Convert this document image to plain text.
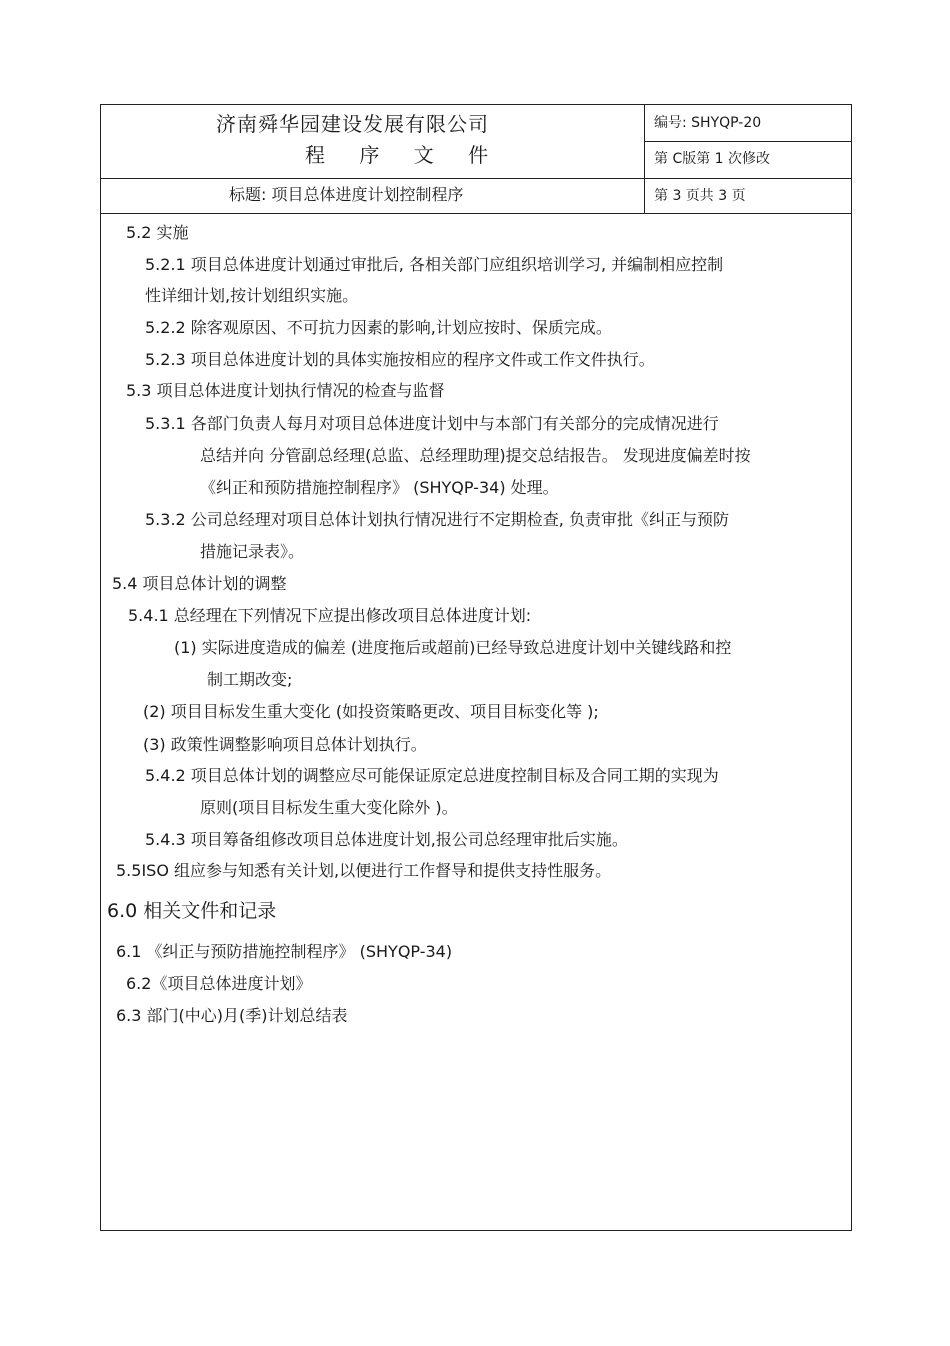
济南舜华园建设发展有限公司
程 序 文 件
编号: SHYQP-20
第 C版第 1 次修改
标题: 项目总体进度计划控制程序	第 3 页共 3 页
5.2 实施
5.2.1 项目总体进度计划通过审批后, 各相关部门应组织培训学习, 并编制相应控制
性详细计划,按计划组织实施。
5.2.2 除客观原因、不可抗力因素的影响,计划应按时、保质完成。
5.2.3 项目总体进度计划的具体实施按相应的程序文件或工作文件执行。
5.3 项目总体进度计划执行情况的检查与监督
5.3.1 各部门负责人每月对项目总体进度计划中与本部门有关部分的完成情况进行
总结并向 分管副总经理(总监、总经理助理)提交总结报告。 发现进度偏差时按
《纠正和预防措施控制程序》 (SHYQP-34) 处理。
5.3.2 公司总经理对项目总体计划执行情况进行不定期检查, 负责审批《纠正与预防
措施记录表》。
5.4 项目总体计划的调整
5.4.1 总经理在下列情况下应提出修改项目总体进度计划:
(1) 实际进度造成的偏差 (进度拖后或超前)已经导致总进度计划中关键线路和控
制工期改变;
(2) 项目目标发生重大变化 (如投资策略更改、项目目标变化等 );
(3) 政策性调整影响项目总体计划执行。
5.4.2 项目总体计划的调整应尽可能保证原定总进度控制目标及合同工期的实现为
原则(项目目标发生重大变化除外 )。
5.4.3 项目筹备组修改项目总体进度计划,报公司总经理审批后实施。
5.5ISO 组应参与知悉有关计划,以便进行工作督导和提供支持性服务。
6.0 相关文件和记录
6.1 《纠正与预防措施控制程序》 (SHYQP-34)
6.2《项目总体进度计划》
6.3 部门(中心)月(季)计划总结表
